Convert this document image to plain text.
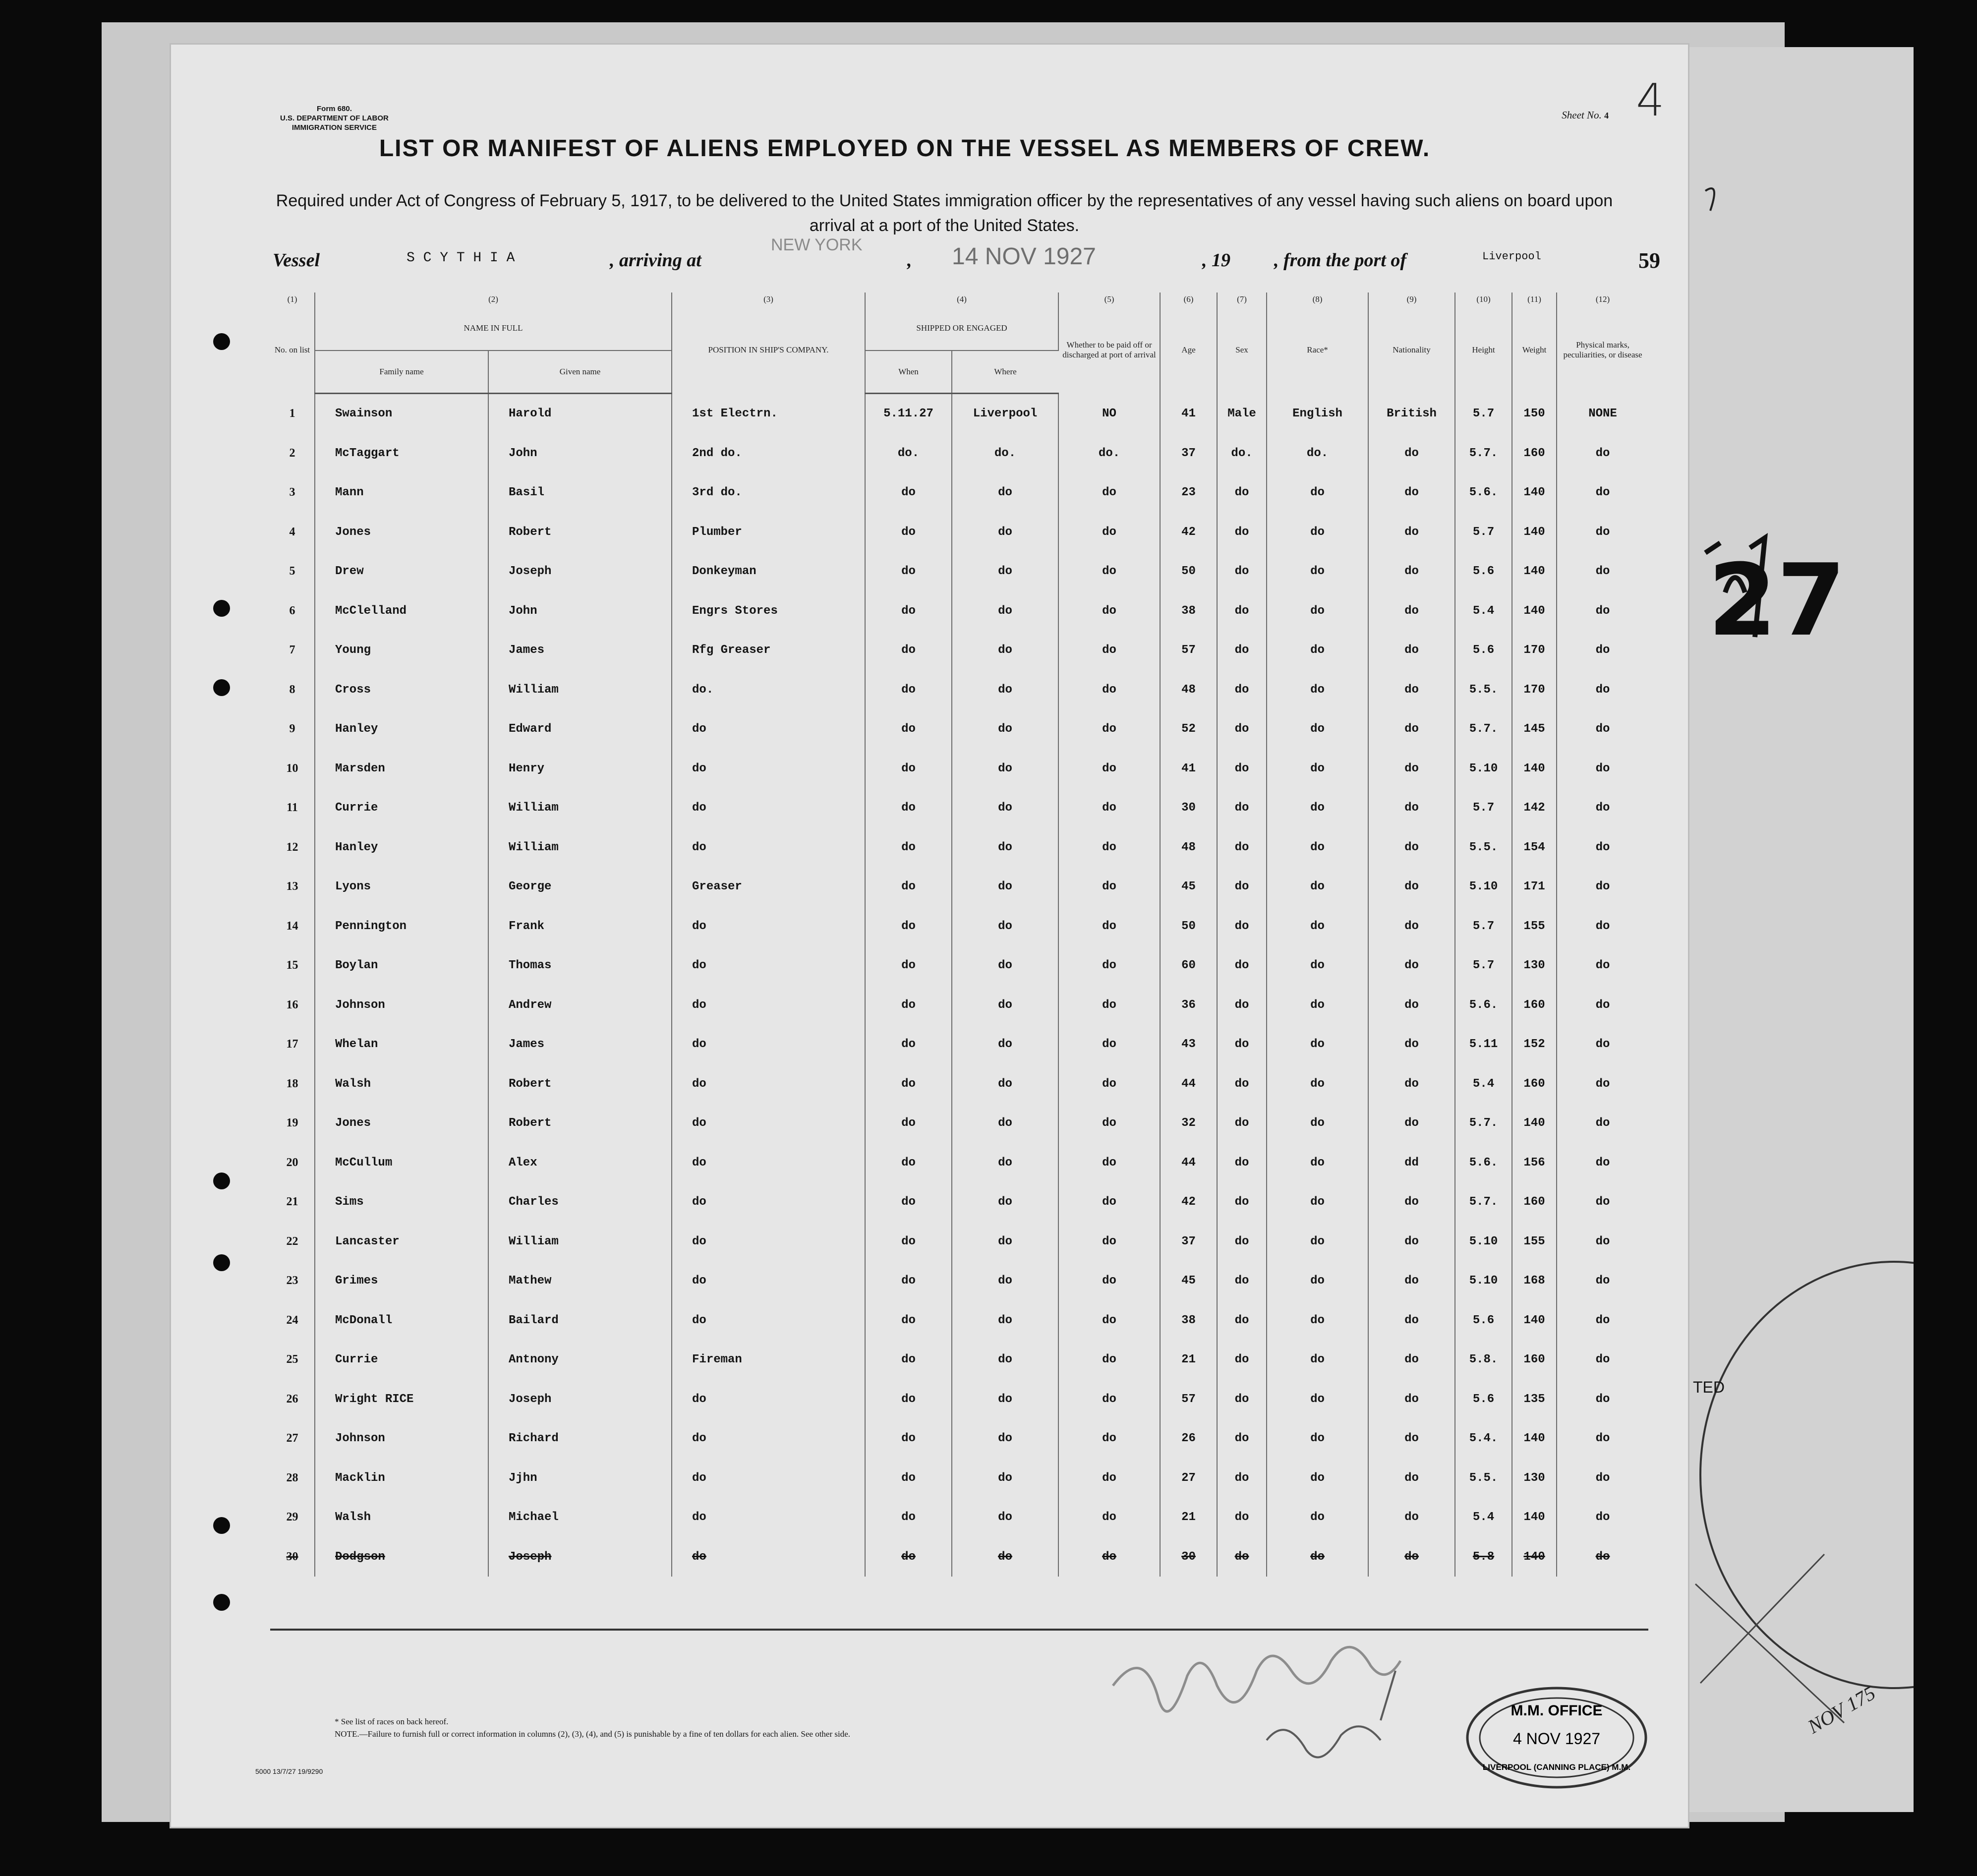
27
TED
NOV 175
Form 680.
U.S. DEPARTMENT OF LABOR
IMMIGRATION SERVICE
Sheet No. 4 4
LIST OR MANIFEST OF ALIENS EMPLOYED ON THE VESSEL AS MEMBERS OF CREW.
Required under Act of Congress of February 5, 1917, to be delivered to the United States immigration officer by the representatives of any vessel having such aliens on board upon arrival at a port of the United States.
Vessel	S C Y T H I A	, arriving at
NEW YORK
, 14 NOV 1927	, 19 , from the port of	Liverpool	59
(1)	(2)		(3)	(4)		(5)	(6)	(7)	(8)	(9)	(10)	(11)	(12)
No. on list	NAME IN FULL		POSITION IN SHIP'S COMPANY.	SHIPPED OR ENGAGED		Whether to be paid off or discharged at port of arrival	Age	Sex	Race*	Nationality	Height	Weight	Physical marks, peculiarities, or disease
	Family name	Given name		When	Where								
1	Swainson	Harold	1st Electrn.	5.11.27	Liverpool	NO	41	Male	English	British	5.7	150	NONE
2	McTaggart	John	2nd do.	do.	do.	do.	37	do.	do.	do	5.7.	160	do
3	Mann	Basil	3rd do.	do	do	do	23	do	do	do	5.6.	140	do
4	Jones	Robert	Plumber	do	do	do	42	do	do	do	5.7	140	do
5	Drew	Joseph	Donkeyman	do	do	do	50	do	do	do	5.6	140	do
6	McClelland	John	Engrs Stores	do	do	do	38	do	do	do	5.4	140	do
7	Young	James	Rfg Greaser	do	do	do	57	do	do	do	5.6	170	do
8	Cross	William	do.	do	do	do	48	do	do	do	5.5.	170	do
9	Hanley	Edward	do	do	do	do	52	do	do	do	5.7.	145	do
10	Marsden	Henry	do	do	do	do	41	do	do	do	5.10	140	do
11	Currie	William	do	do	do	do	30	do	do	do	5.7	142	do
12	Hanley	William	do	do	do	do	48	do	do	do	5.5.	154	do
13	Lyons	George	Greaser	do	do	do	45	do	do	do	5.10	171	do
14	Pennington	Frank	do	do	do	do	50	do	do	do	5.7	155	do
15	Boylan	Thomas	do	do	do	do	60	do	do	do	5.7	130	do
16	Johnson	Andrew	do	do	do	do	36	do	do	do	5.6.	160	do
17	Whelan	James	do	do	do	do	43	do	do	do	5.11	152	do
18	Walsh	Robert	do	do	do	do	44	do	do	do	5.4	160	do
19	Jones	Robert	do	do	do	do	32	do	do	do	5.7.	140	do
20	McCullum	Alex	do	do	do	do	44	do	do	dd	5.6.	156	do
21	Sims	Charles	do	do	do	do	42	do	do	do	5.7.	160	do
22	Lancaster	William	do	do	do	do	37	do	do	do	5.10	155	do
23	Grimes	Mathew	do	do	do	do	45	do	do	do	5.10	168	do
24	McDonall	Bailard	do	do	do	do	38	do	do	do	5.6	140	do
25	Currie	Antnony	Fireman	do	do	do	21	do	do	do	5.8.	160	do
26	Wright RICE	Joseph	do	do	do	do	57	do	do	do	5.6	135	do
27	Johnson	Richard	do	do	do	do	26	do	do	do	5.4.	140	do
28	Macklin	Jjhn	do	do	do	do	27	do	do	do	5.5.	130	do
29	Walsh	Michael	do	do	do	do	21	do	do	do	5.4	140	do
30	Dodgson	Joseph	do	do	do	do	30	do	do	do	5.8	140	do
M.M. OFFICE
4 NOV 1927
LIVERPOOL (CANNING PLACE) M.M.
* See list of races on back hereof.
NOTE.—Failure to furnish full or correct information in columns (2), (3), (4), and (5) is punishable by a fine of ten dollars for each alien. See other side.
5000 13/7/27 19/9290
